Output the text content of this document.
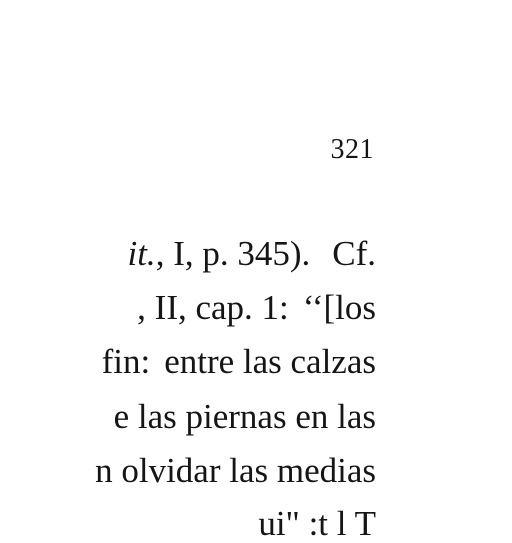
321
it., I, p. 345). Cf.
, II, cap. 1: ‘‘[los
fin: entre las calzas
e las piernas en las
n olvidar las medias
ui" :t l T
